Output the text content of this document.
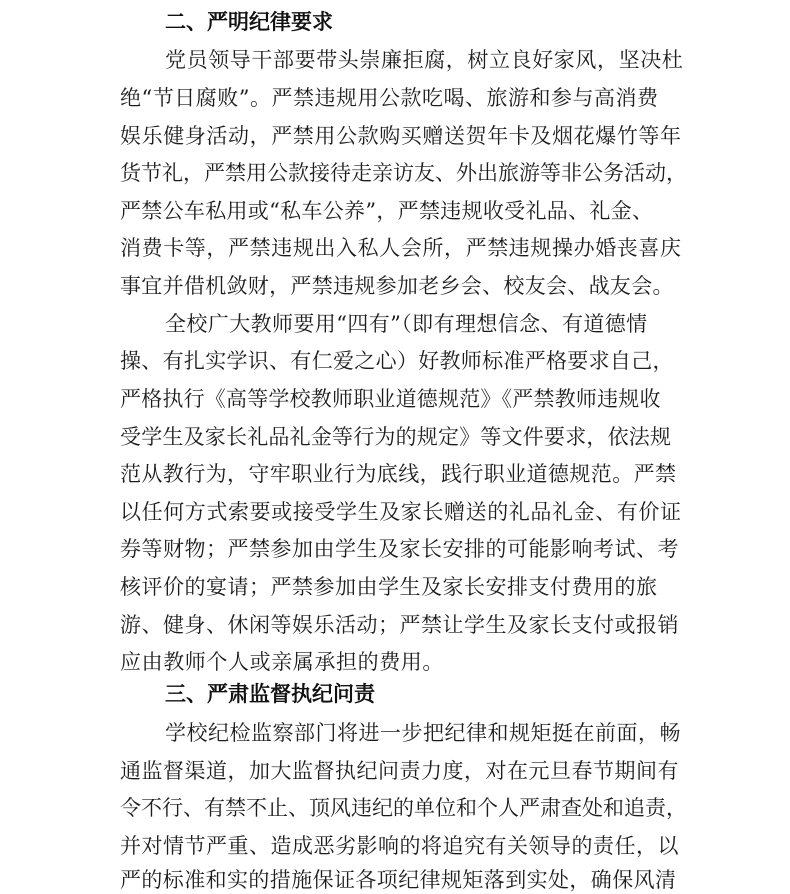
二、严明纪律要求
党员领导干部要带头崇廉拒腐，树立良好家风，坚决杜
绝“节日腐败”。严禁违规用公款吃喝、旅游和参与高消费
娱乐健身活动，严禁用公款购买赠送贺年卡及烟花爆竹等年
货节礼，严禁用公款接待走亲访友、外出旅游等非公务活动，
严禁公车私用或“私车公养”，严禁违规收受礼品、礼金、
消费卡等，严禁违规出入私人会所，严禁违规操办婚丧喜庆
事宜并借机敛财，严禁违规参加老乡会、校友会、战友会。
全校广大教师要用“四有”（即有理想信念、有道德情
操、有扎实学识、有仁爱之心）好教师标准严格要求自己，
严格执行《高等学校教师职业道德规范》《严禁教师违规收
受学生及家长礼品礼金等行为的规定》等文件要求，依法规
范从教行为，守牢职业行为底线，践行职业道德规范。严禁
以任何方式索要或接受学生及家长赠送的礼品礼金、有价证
券等财物；严禁参加由学生及家长安排的可能影响考试、考
核评价的宴请；严禁参加由学生及家长安排支付费用的旅
游、健身、休闲等娱乐活动；严禁让学生及家长支付或报销
应由教师个人或亲属承担的费用。
三、严肃监督执纪问责
学校纪检监察部门将进一步把纪律和规矩挺在前面，畅
通监督渠道，加大监督执纪问责力度，对在元旦春节期间有
令不行、有禁不止、顶风违纪的单位和个人严肃查处和追责，
并对情节严重、造成恶劣影响的将追究有关领导的责任，以
严的标准和实的措施保证各项纪律规矩落到实处，确保风清
